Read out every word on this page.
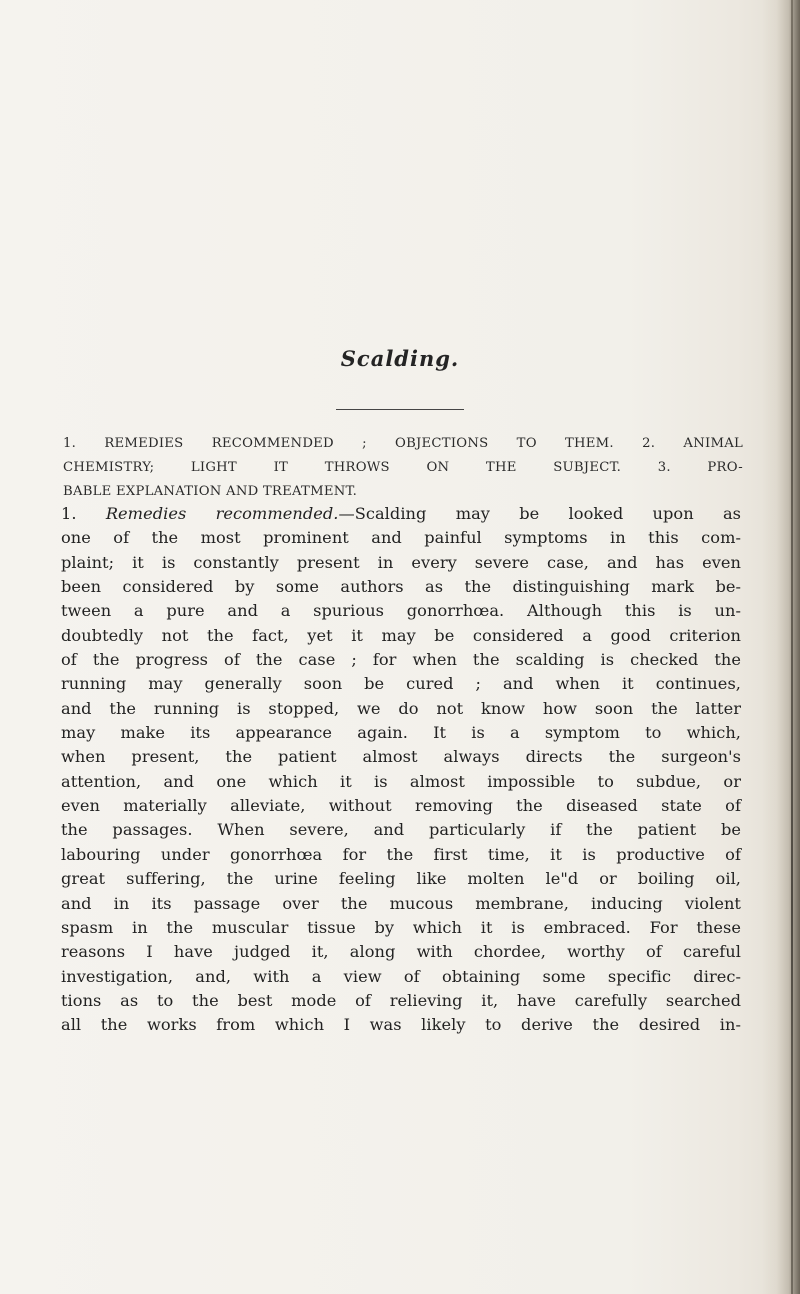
Scalding.
1. REMEDIES RECOMMENDED ; OBJECTIONS TO THEM. 2. ANIMAL
CHEMISTRY; LIGHT IT THROWS ON THE SUBJECT. 3. PRO-
BABLE EXPLANATION AND TREATMENT.
1. Remedies recommended.—Scalding may be looked upon as
one of the most prominent and painful symptoms in this com-
plaint; it is constantly present in every severe case, and has even
been considered by some authors as the distinguishing mark be-
tween a pure and a spurious gonorrhœa. Although this is un-
doubtedly not the fact, yet it may be considered a good criterion
of the progress of the case ; for when the scalding is checked the
running may generally soon be cured ; and when it continues,
and the running is stopped, we do not know how soon the latter
may make its appearance again. It is a symptom to which,
when present, the patient almost always directs the surgeon's
attention, and one which it is almost impossible to subdue, or
even materially alleviate, without removing the diseased state of
the passages. When severe, and particularly if the patient be
labouring under gonorrhœa for the first time, it is productive of
great suffering, the urine feeling like molten le"d or boiling oil,
and in its passage over the mucous membrane, inducing violent
spasm in the muscular tissue by which it is embraced. For these
reasons I have judged it, along with chordee, worthy of careful
investigation, and, with a view of obtaining some specific direc-
tions as to the best mode of relieving it, have carefully searched
all the works from which I was likely to derive the desired in-
